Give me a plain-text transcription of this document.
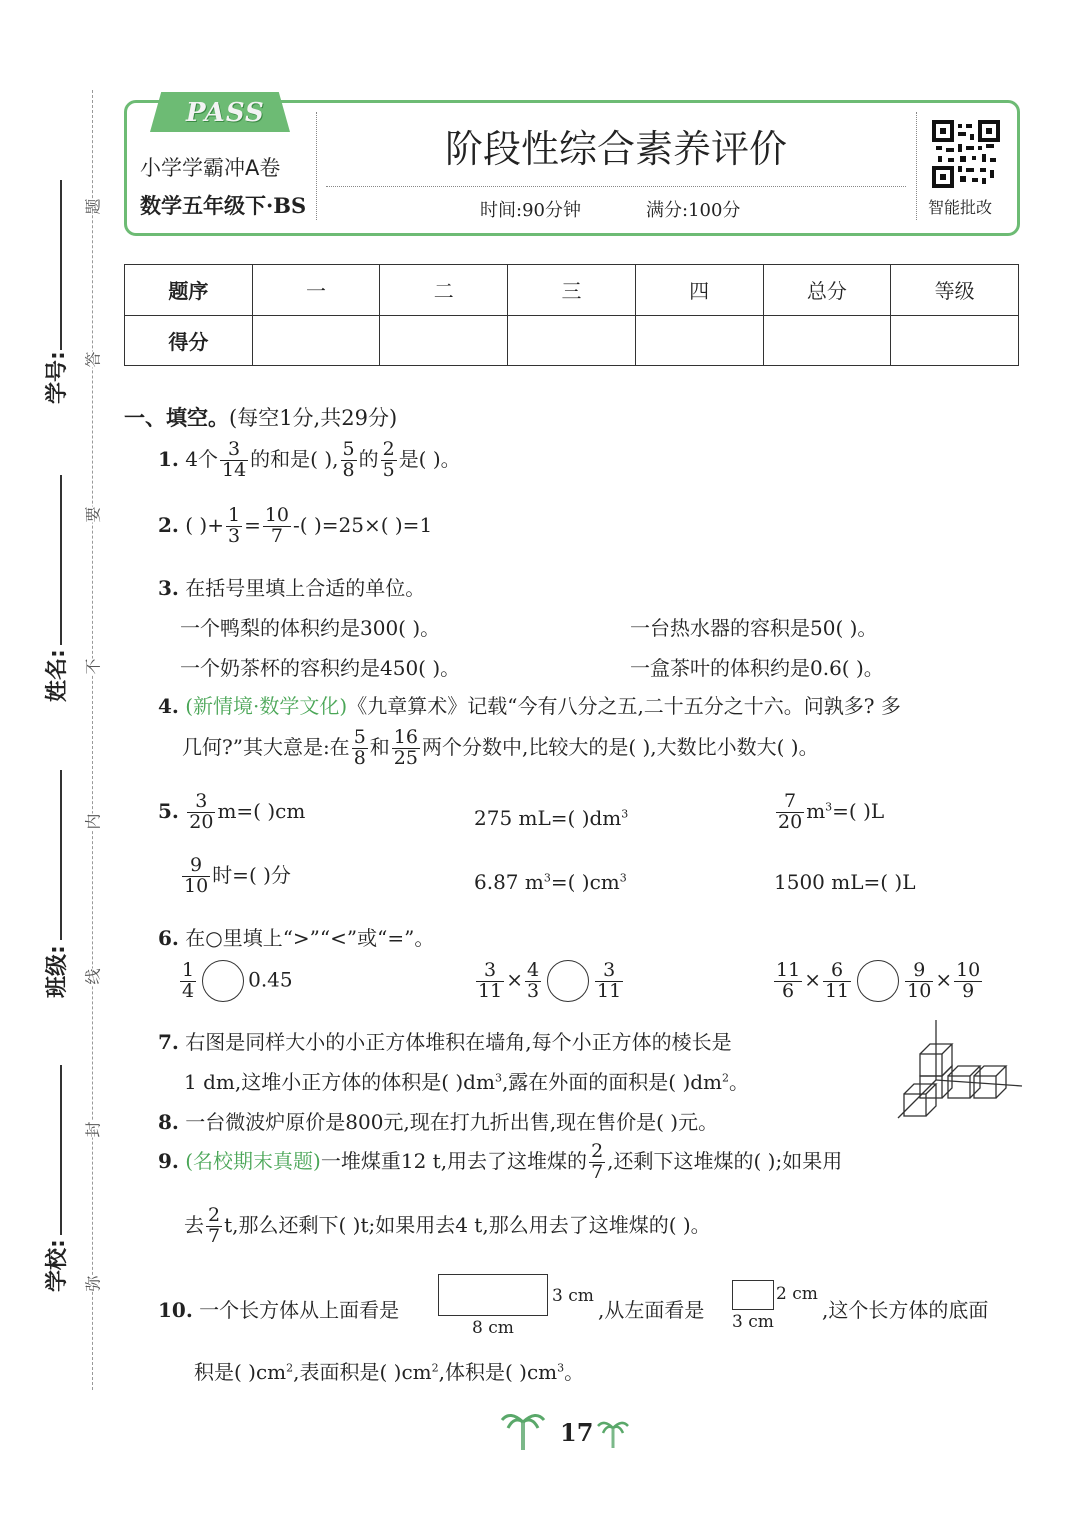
题
答
要
不
内
线
封
弥
学号:
姓名:
班级:
学校:
PASS
小学学霸冲A卷
数学五年级下·BS
阶段性综合素养评价
时间:90分钟	满分:100分	智能批改
题序	一	二	三	四	总分	等级
得分						
一、填空。(每空1分,共29分)
1. 4个 $\frac{3}{14}$ 的和是( ), $\frac{5}{8}$ 的 $\frac{2}{5}$ 是( )。
2. ( )+ $\frac{1}{3} = \frac{10}{7}$ -( )=25×( )=1
3. 在括号里填上合适的单位。
一个鸭梨的体积约是300( )。	一台热水器的容积是50( )。
一个奶茶杯的容积约是450( )。	一盒茶叶的体积约是0.6( )。
4. (新情境·数学文化)《九章算术》记载“今有八分之五,二十五分之十六。问孰多? 多
几何?”其大意是:在 $\frac{5}{8}$ 和 $\frac{16}{25}$ 两个分数中,比较大的是( ),大数比小数大( )。
5. $\frac{3}{20} m=$( )cm	275 mL=( )$dm^3$	$\frac{7}{20} m^3=$( )L
$\frac{9}{10}$ 时=( )分	6.87 $m^3=$( )$cm^3$	1500 mL=( )L
6. 在○里填上“>”“<”或“=”。
$\frac{1}{4}$	0.45	$\frac{3}{11} \times \frac{4}{3}$	$\frac{3}{11}$	$\frac{11}{6} \times \frac{6}{11}$	$\frac{9}{10} \times \frac{10}{9}$
7. 右图是同样大小的小正方体堆积在墙角,每个小正方体的棱长是
1 dm,这堆小正方体的体积是( )$dm^3$,露在外面的面积是( )$dm^2$。
8. 一台微波炉原价是800元,现在打九折出售,现在售价是( )元。
9. (名校期末真题)一堆煤重12 t,用去了这堆煤的 $\frac{2}{7}$ ,还剩下这堆煤的( );如果用
去 $\frac{2}{7} t$,那么还剩下( )t;如果用去4 t,那么用去了这堆煤的( )。
10. 一个长方体从上面看是
3 cm
8 cm
,从左面看是
2 cm
3 cm ,这个长方体的底面
积是( )$cm^2$,表面积是( )$cm^2$,体积是( )$cm^3$。
17
